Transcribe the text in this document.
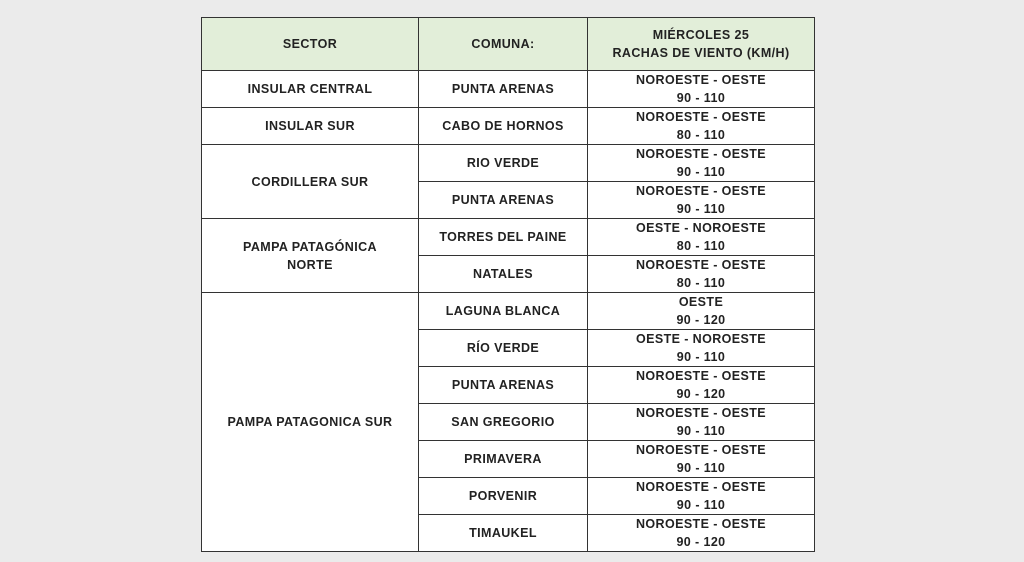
SECTOR	COMUNA:	MIÉRCOLES 25
RACHAS DE VIENTO (KM/H)

INSULAR CENTRAL	PUNTA ARENAS	NOROESTE - OESTE
90 - 110

INSULAR SUR	CABO DE HORNOS	NOROESTE - OESTE
80 - 110

CORDILLERA SUR	RIO VERDE	NOROESTE - OESTE
90 - 110

	PUNTA ARENAS	NOROESTE - OESTE
90 - 110

PAMPA PATAGÓNICA
NORTE	TORRES DEL PAINE	OESTE - NOROESTE
80 - 110

	NATALES	NOROESTE - OESTE
80 - 110

PAMPA PATAGONICA SUR	LAGUNA BLANCA	OESTE
90 - 120

	RÍO VERDE	OESTE - NOROESTE
90 - 110

	PUNTA ARENAS	NOROESTE - OESTE
90 - 120

	SAN GREGORIO	NOROESTE - OESTE
90 - 110

	PRIMAVERA	NOROESTE - OESTE
90 - 110

	PORVENIR	NOROESTE - OESTE
90 - 110

	TIMAUKEL	NOROESTE - OESTE
90 - 120
